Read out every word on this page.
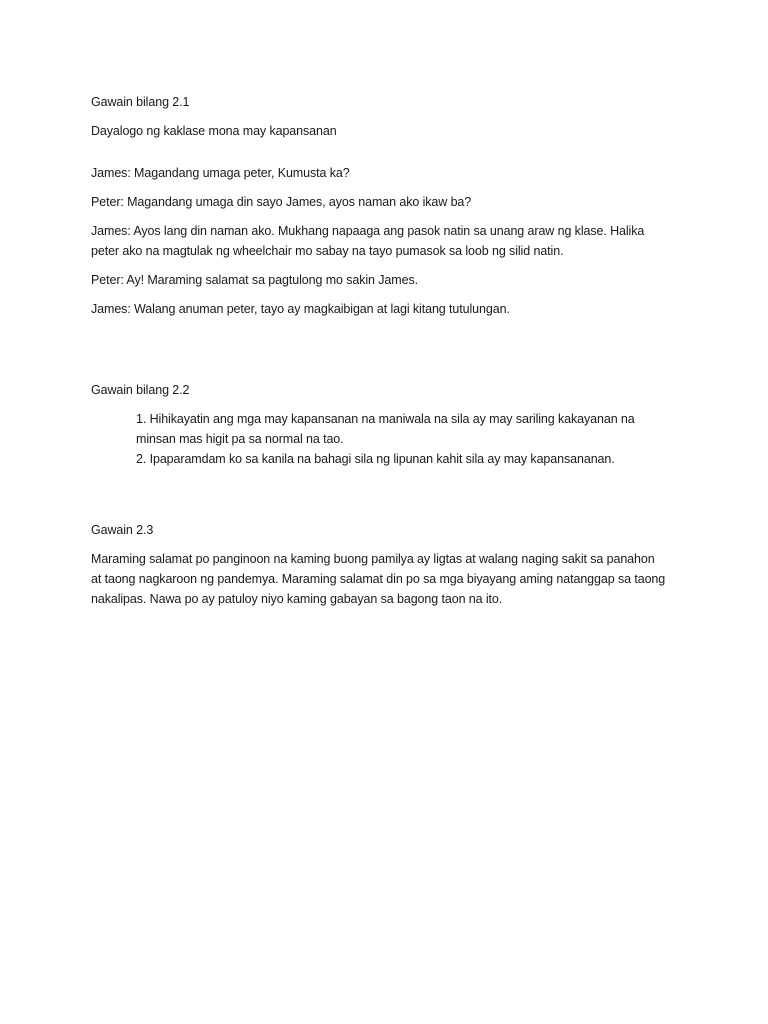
Gawain bilang 2.1

Dayalogo ng kaklase mona may kapansanan

James: Magandang umaga peter, Kumusta ka?

Peter: Magandang umaga din sayo James, ayos naman ako ikaw ba?

James: Ayos lang din naman ako. Mukhang napaaga ang pasok natin sa unang araw ng klase. Halika

peter ako na magtulak ng wheelchair mo sabay na tayo pumasok sa loob ng silid natin.

Peter: Ay! Maraming salamat sa pagtulong mo sakin James.

James: Walang anuman peter, tayo ay magkaibigan at lagi kitang tutulungan.

Gawain bilang 2.2

1. Hihikayatin ang mga may kapansanan na maniwala na sila ay may sariling kakayanan na
minsan mas higit pa sa normal na tao.
2. Ipaparamdam ko sa kanila na bahagi sila ng lipunan kahit sila ay may kapansananan.

Gawain 2.3

Maraming salamat po panginoon na kaming buong pamilya ay ligtas at walang naging sakit sa panahon

at taong nagkaroon ng pandemya. Maraming salamat din po sa mga biyayang aming natanggap sa taong

nakalipas. Nawa po ay patuloy niyo kaming gabayan sa bagong taon na ito.
